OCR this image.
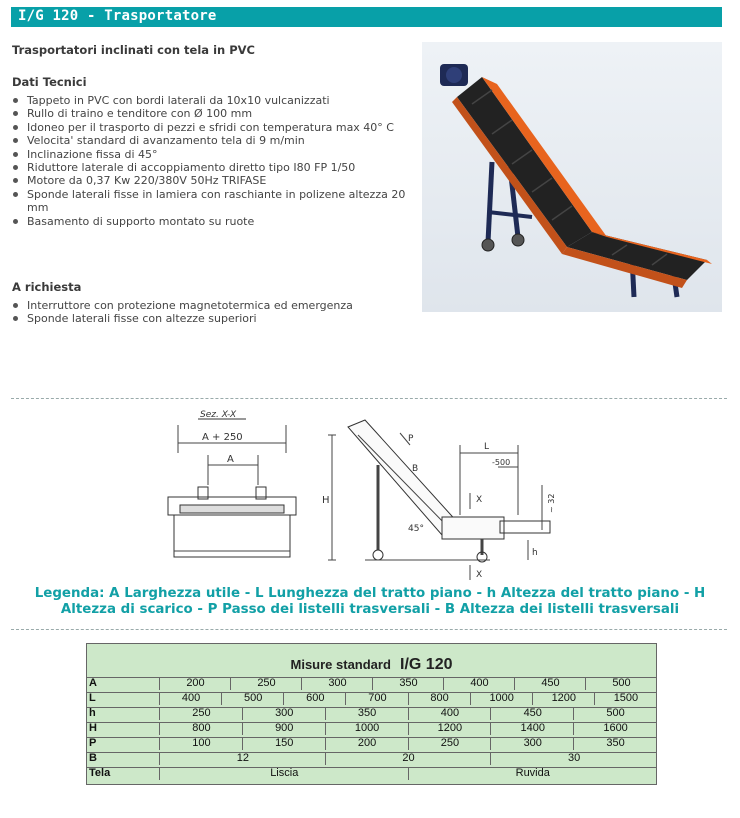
I/G 120 - Trasportatore
Trasportatori inclinati con tela in PVC
Dati Tecnici
Tappeto in PVC con bordi laterali da 10x10 vulcanizzati
Rullo di traino e tenditore con Ø 100 mm
Idoneo per il trasporto di pezzi e sfridi con temperatura max 40° C
Velocita' standard di avanzamento tela di 9 m/min
Inclinazione fissa di 45°
Riduttore laterale di accoppiamento diretto tipo I80 FP 1/50
Motore da 0,37 Kw 220/380V 50Hz TRIFASE
Sponde laterali fisse in lamiera con raschiante in polizene altezza 20 mm
Basamento di supporto montato su ruote
A richiesta
Interruttore con protezione magnetotermica ed emergenza
Sponde laterali fisse con altezze superiori
Sez. X-X
A + 250
A
H
P
B
45°
L
-500
~ 32
h
X
X
Legenda: A Larghezza utile - L Lunghezza del tratto piano - h Altezza del tratto piano - H Altezza di scarico - P Passo dei listelli trasversali - B Altezza dei listelli trasversali
$_{Misure standard}$ I/G 120
A	200	250	300	350	400	450	500
L	400	500	600	700	800	1000	1200	1500
h	250	300	350	400	450	500
H	800	900	1000	1200	1400	1600
P	100	150	200	250	300	350
B	12	20	30
Tela	Liscia	Ruvida
